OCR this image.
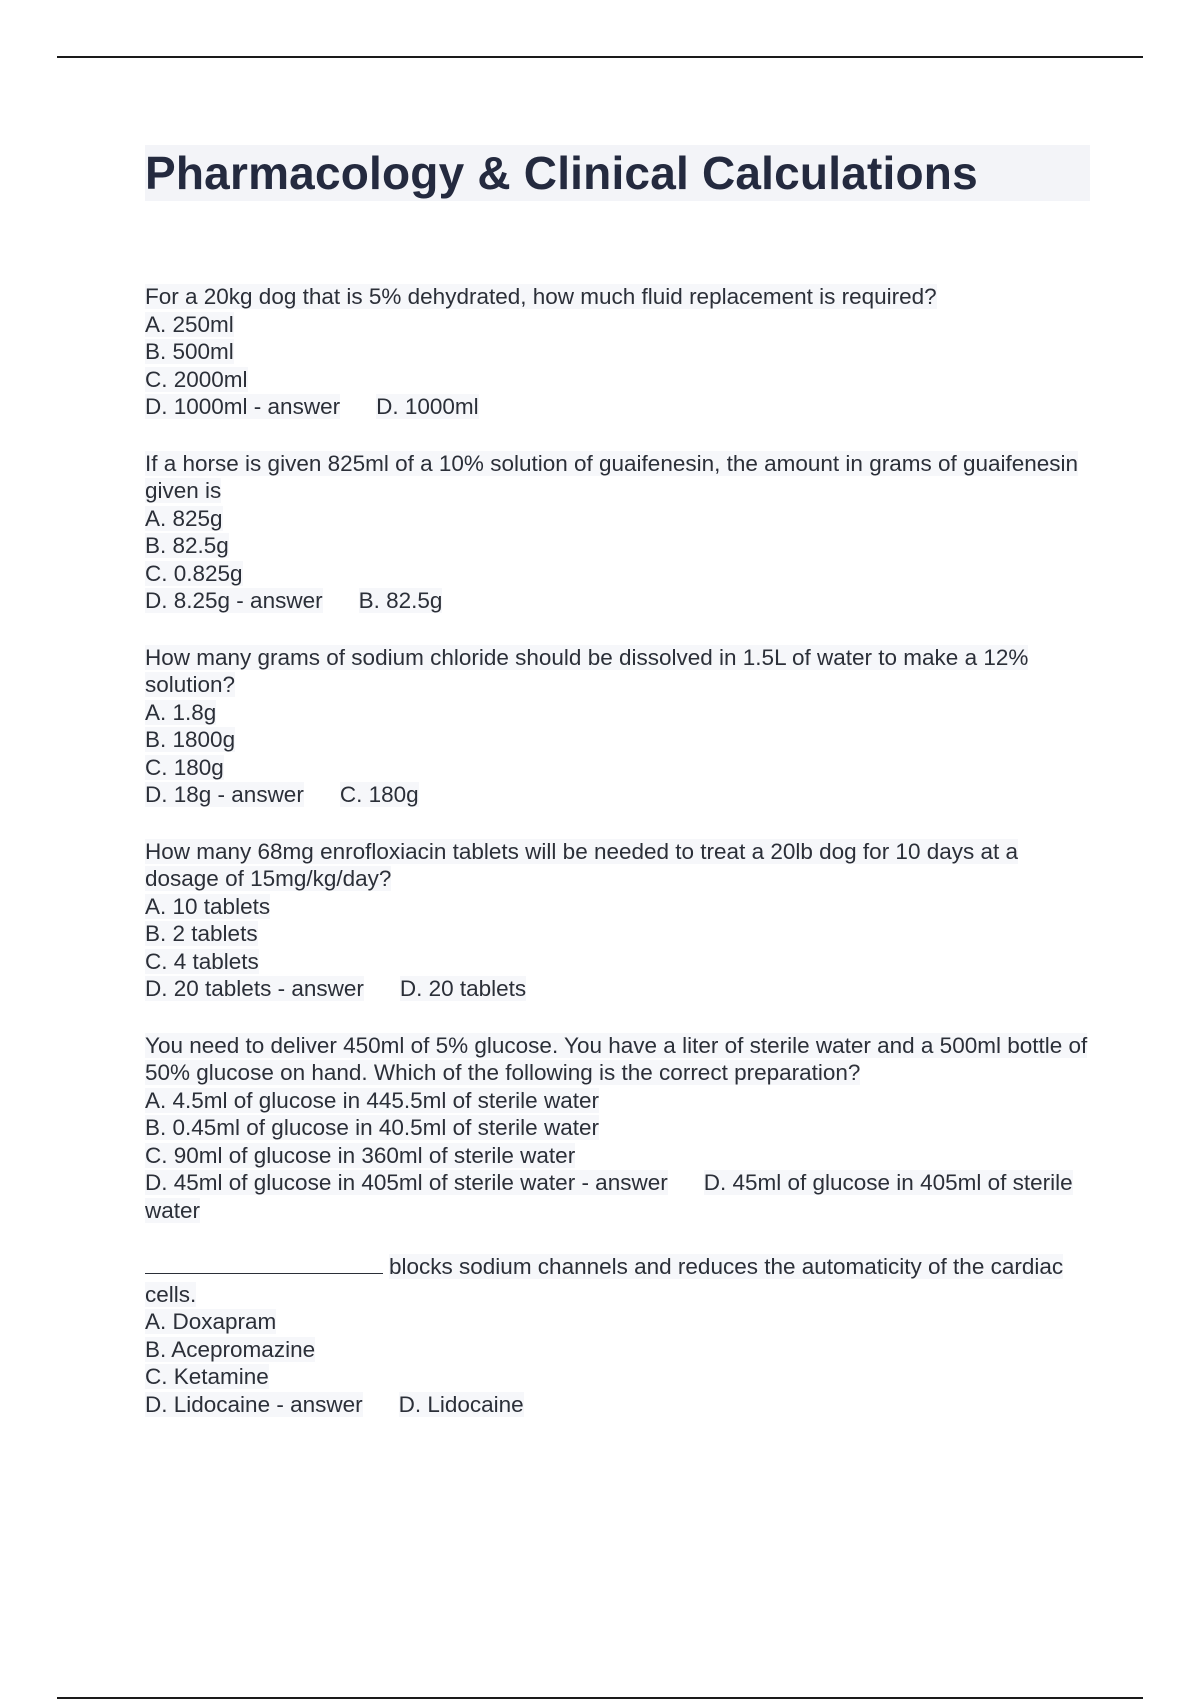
Pharmacology & Clinical Calculations
For a 20kg dog that is 5% dehydrated, how much fluid replacement is required?
A. 250ml
B. 500ml
C. 2000ml
D. 1000ml - answer D. 1000ml
If a horse is given 825ml of a 10% solution of guaifenesin, the amount in grams of guaifenesin given is
A. 825g
B. 82.5g
C. 0.825g
D. 8.25g - answer B. 82.5g
How many grams of sodium chloride should be dissolved in 1.5L of water to make a 12% solution?
A. 1.8g
B. 1800g
C. 180g
D. 18g - answer C. 180g
How many 68mg enrofloxiacin tablets will be needed to treat a 20lb dog for 10 days at a dosage of 15mg/kg/day?
A. 10 tablets
B. 2 tablets
C. 4 tablets
D. 20 tablets - answer D. 20 tablets
You need to deliver 450ml of 5% glucose. You have a liter of sterile water and a 500ml bottle of 50% glucose on hand. Which of the following is the correct preparation?
A. 4.5ml of glucose in 445.5ml of sterile water
B. 0.45ml of glucose in 40.5ml of sterile water
C. 90ml of glucose in 360ml of sterile water
D. 45ml of glucose in 405ml of sterile water - answer D. 45ml of glucose in 405ml of sterile water
blocks sodium channels and reduces the automaticity of the cardiac cells.
A. Doxapram
B. Acepromazine
C. Ketamine
D. Lidocaine - answer D. Lidocaine
